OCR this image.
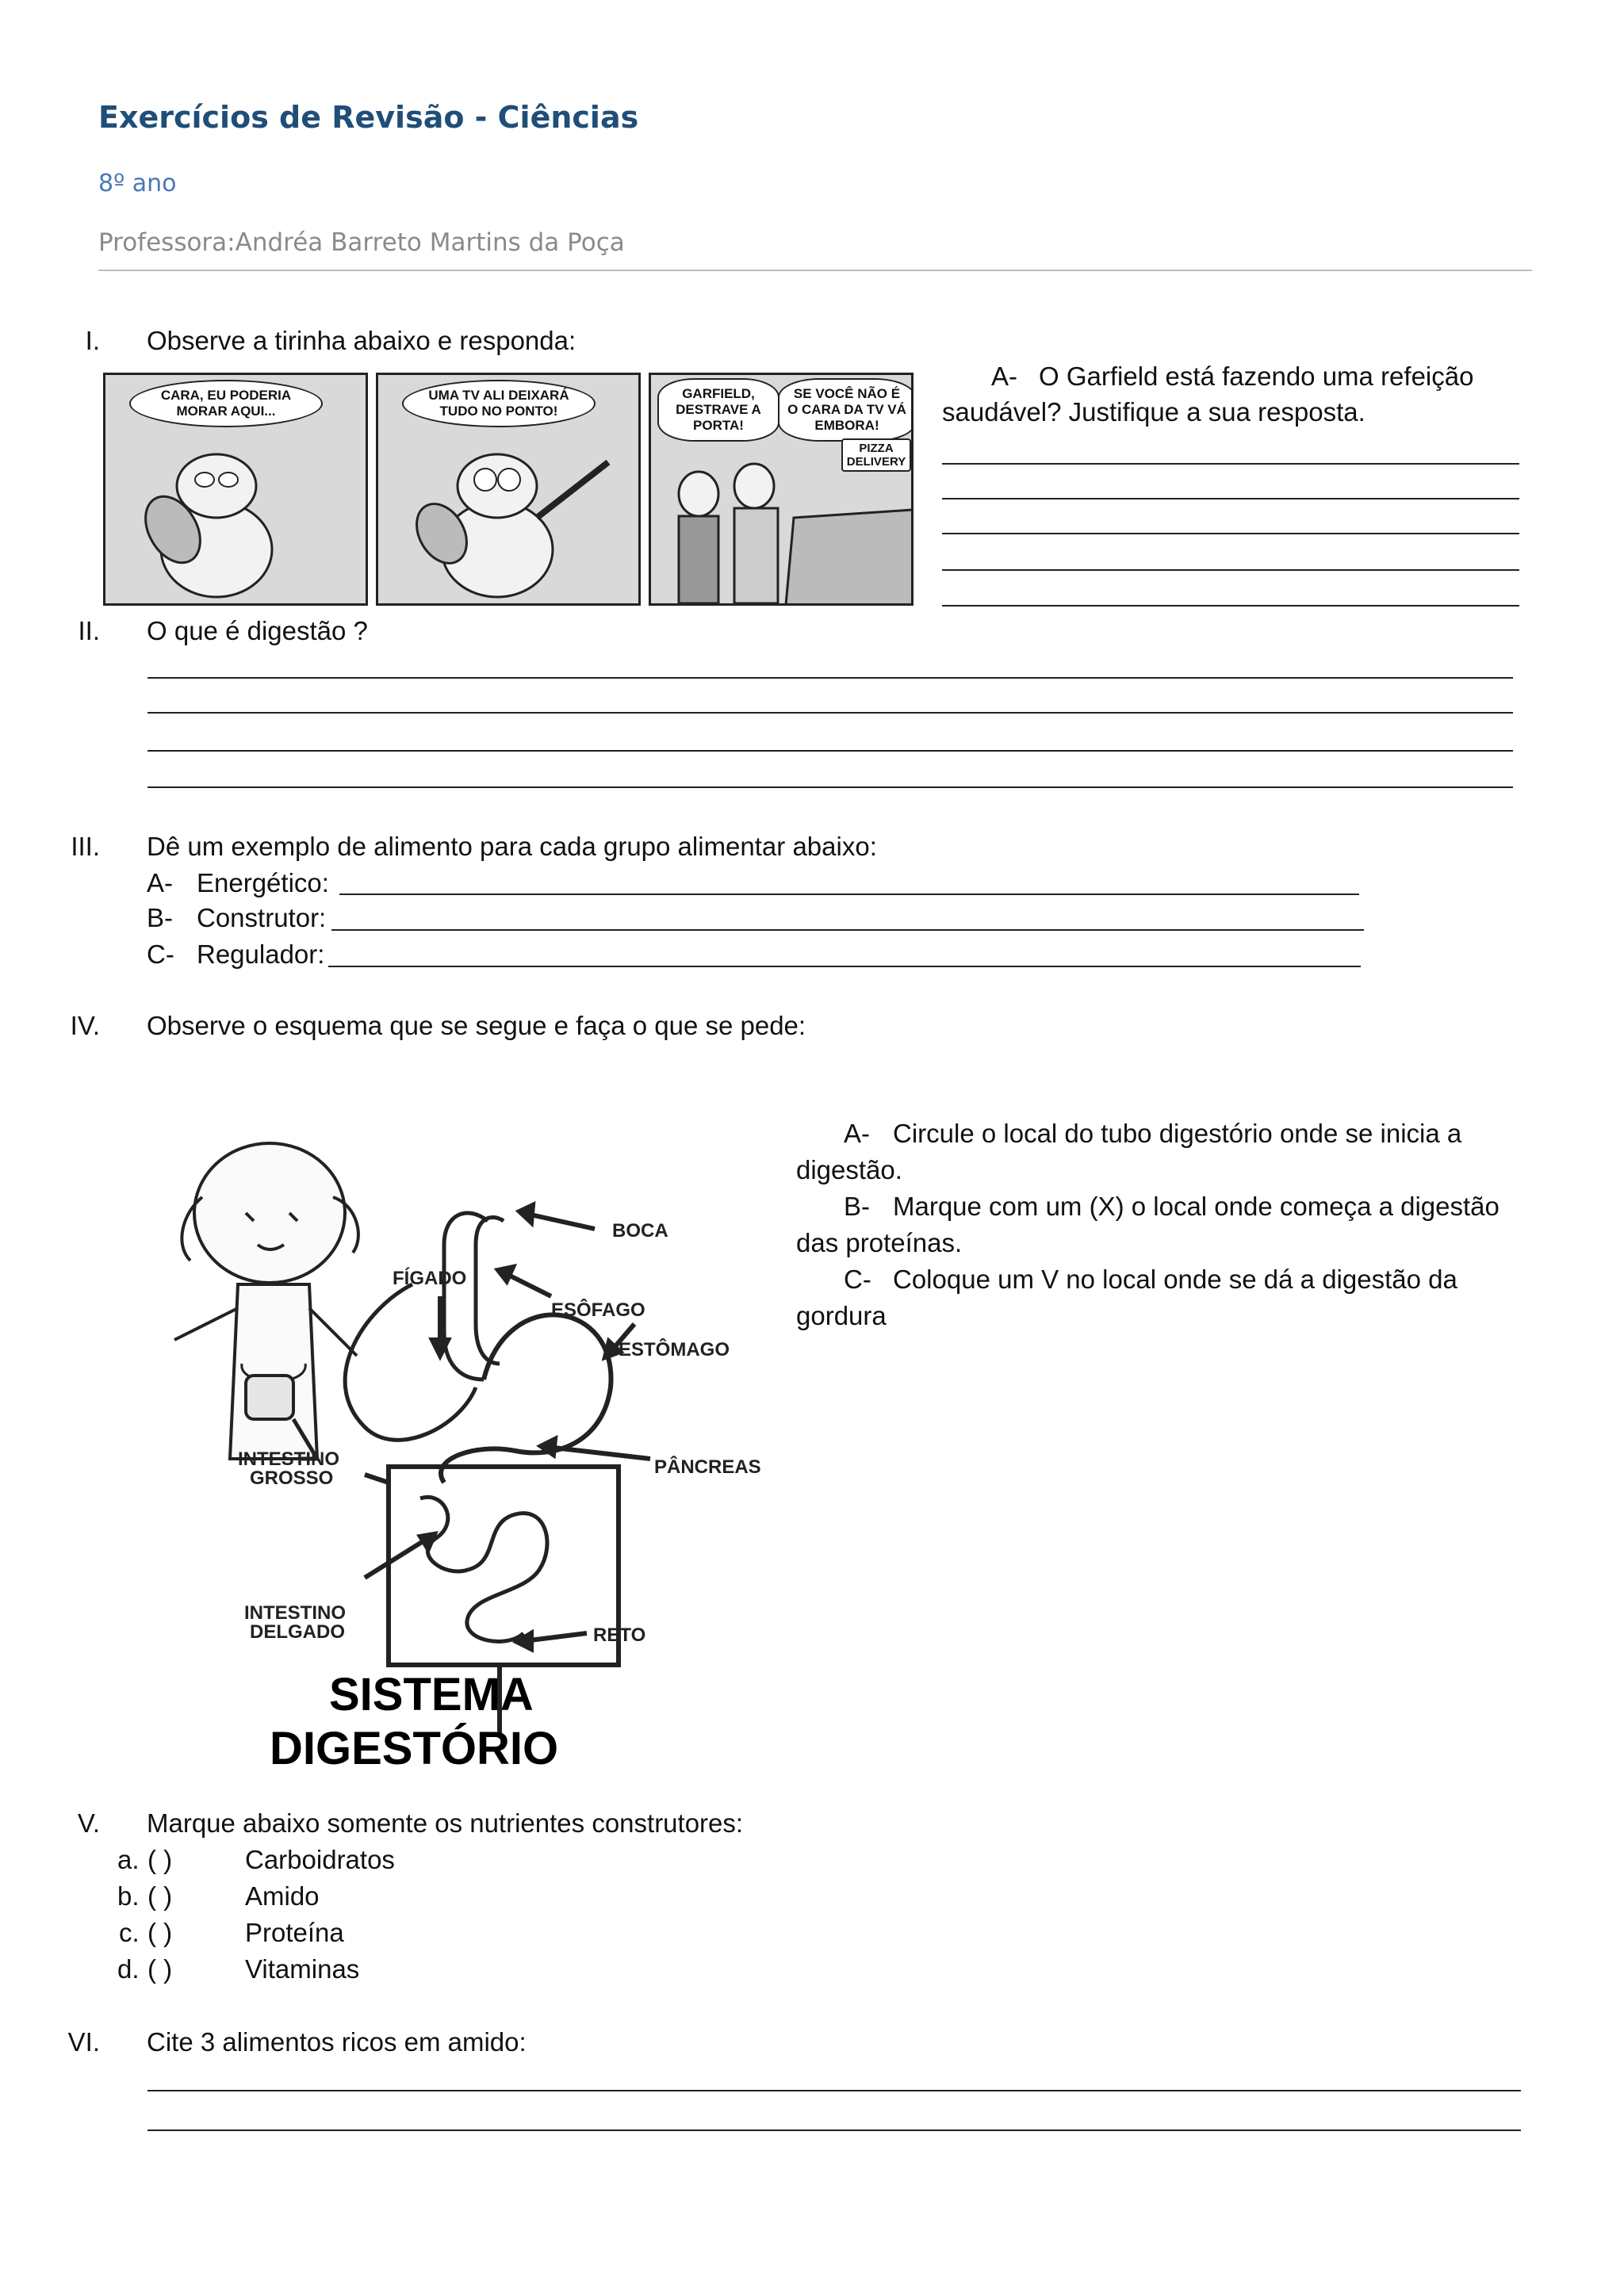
Exercícios de Revisão - Ciências
8º ano
Professora:Andréa Barreto Martins da Poça
I. Observe a tirinha abaixo e responda:
CARA, EU PODERIA MORAR AQUI...
UMA TV ALI DEIXARÁ TUDO NO PONTO!
GARFIELD, DESTRAVE A PORTA!
SE VOCÊ NÃO É O CARA DA TV VÁ EMBORA!
PIZZA DELIVERY
A- O Garfield está fazendo uma refeição
saudável? Justifique a sua resposta.
II. O que é digestão ?
III. Dê um exemplo de alimento para cada grupo alimentar abaixo:
A- Energético:
B- Construtor:
C- Regulador:
IV. Observe o esquema que se segue e faça o que se pede:
BOCA
FÍGADO
ESÔFAGO
ESTÔMAGO
INTESTINO
GROSSO
PÂNCREAS
INTESTINO
DELGADO	RETO
SISTEMA
DIGESTÓRIO
A- Circule o local do tubo digestório onde se inicia a
digestão.
B- Marque com um (X) o local onde começa a digestão
das proteínas.
C- Coloque um V no local onde se dá a digestão da
gordura
V. Marque abaixo somente os nutrientes construtores:
a. ( )	Carboidratos
b. ( )	Amido
c. ( )	Proteína
d. ( )	Vitaminas
VI. Cite 3 alimentos ricos em amido:
